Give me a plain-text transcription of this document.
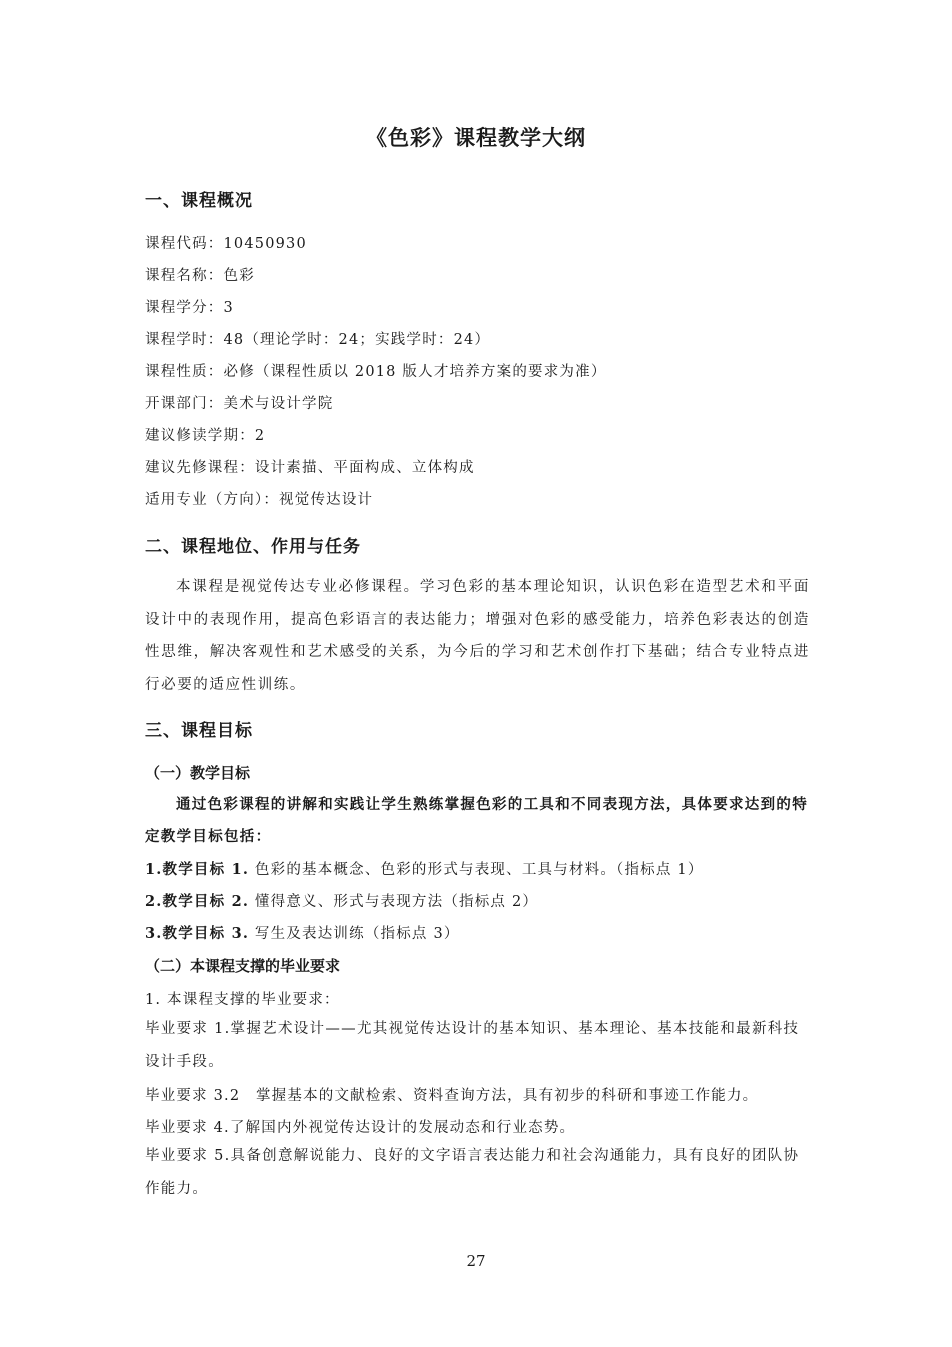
《色彩》课程教学大纲
一、课程概况
课程代码：10450930
课程名称：色彩
课程学分：3
课程学时：48（理论学时：24；实践学时：24）
课程性质：必修（课程性质以 2018 版人才培养方案的要求为准）
开课部门：美术与设计学院
建议修读学期：2
建议先修课程：设计素描、平面构成、立体构成
适用专业（方向）：视觉传达设计
二、课程地位、作用与任务
本课程是视觉传达专业必修课程。学习色彩的基本理论知识，认识色彩在造型艺术和平面设计中的表现作用，提高色彩语言的表达能力；增强对色彩的感受能力，培养色彩表达的创造性思维，解决客观性和艺术感受的关系，为今后的学习和艺术创作打下基础；结合专业特点进行必要的适应性训练。
三、课程目标
（一）教学目标
通过色彩课程的讲解和实践让学生熟练掌握色彩的工具和不同表现方法，具体要求达到的特定教学目标包括：
1.教学目标 1. 色彩的基本概念、色彩的形式与表现、工具与材料。（指标点 1）
2.教学目标 2. 懂得意义、形式与表现方法（指标点 2）
3.教学目标 3. 写生及表达训练（指标点 3）
（二）本课程支撑的毕业要求
1. 本课程支撑的毕业要求：
毕业要求 1.掌握艺术设计——尤其视觉传达设计的基本知识、基本理论、基本技能和最新科技设计手段。
毕业要求 3.2　掌握基本的文献检索、资料查询方法，具有初步的科研和事迹工作能力。
毕业要求 4.了解国内外视觉传达设计的发展动态和行业态势。
毕业要求 5.具备创意解说能力、良好的文字语言表达能力和社会沟通能力，具有良好的团队协作能力。
27
